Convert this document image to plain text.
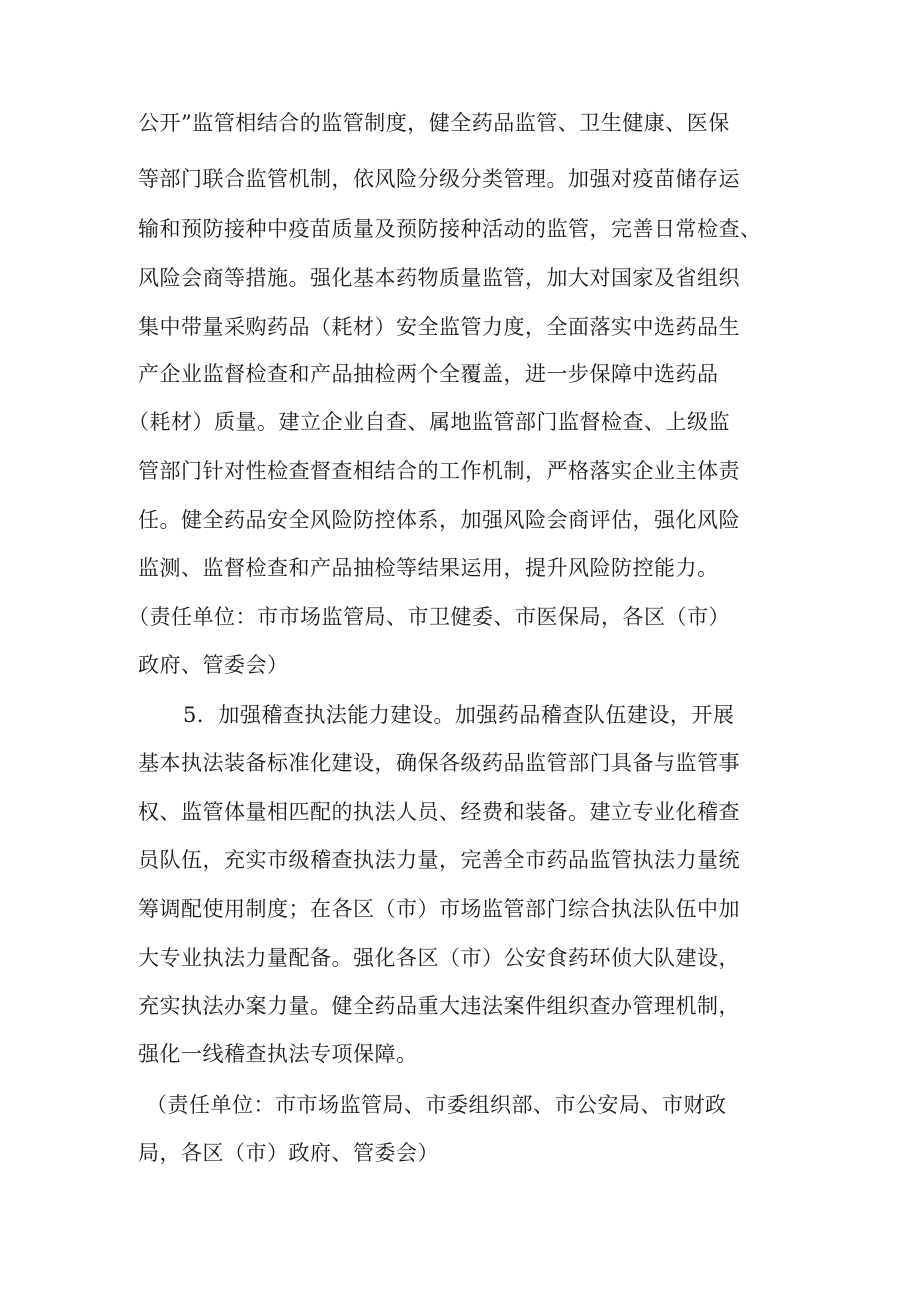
公开”监管相结合的监管制度，健全药品监管、卫生健康、医保
等部门联合监管机制，依风险分级分类管理。加强对疫苗储存运
输和预防接种中疫苗质量及预防接种活动的监管，完善日常检查、
风险会商等措施。强化基本药物质量监管，加大对国家及省组织
集中带量采购药品（耗材）安全监管力度，全面落实中选药品生
产企业监督检查和产品抽检两个全覆盖，进一步保障中选药品
（耗材）质量。建立企业自查、属地监管部门监督检查、上级监
管部门针对性检查督查相结合的工作机制，严格落实企业主体责
任。健全药品安全风险防控体系，加强风险会商评估，强化风险
监测、监督检查和产品抽检等结果运用，提升风险防控能力。
（责任单位：市市场监管局、市卫健委、市医保局，各区（市）
政府、管委会）
5．加强稽查执法能力建设。加强药品稽查队伍建设，开展
基本执法装备标准化建设，确保各级药品监管部门具备与监管事
权、监管体量相匹配的执法人员、经费和装备。建立专业化稽查
员队伍，充实市级稽查执法力量，完善全市药品监管执法力量统
筹调配使用制度；在各区（市）市场监管部门综合执法队伍中加
大专业执法力量配备。强化各区（市）公安食药环侦大队建设，
充实执法办案力量。健全药品重大违法案件组织查办管理机制，
强化一线稽查执法专项保障。
（责任单位：市市场监管局、市委组织部、市公安局、市财政
局，各区（市）政府、管委会）
